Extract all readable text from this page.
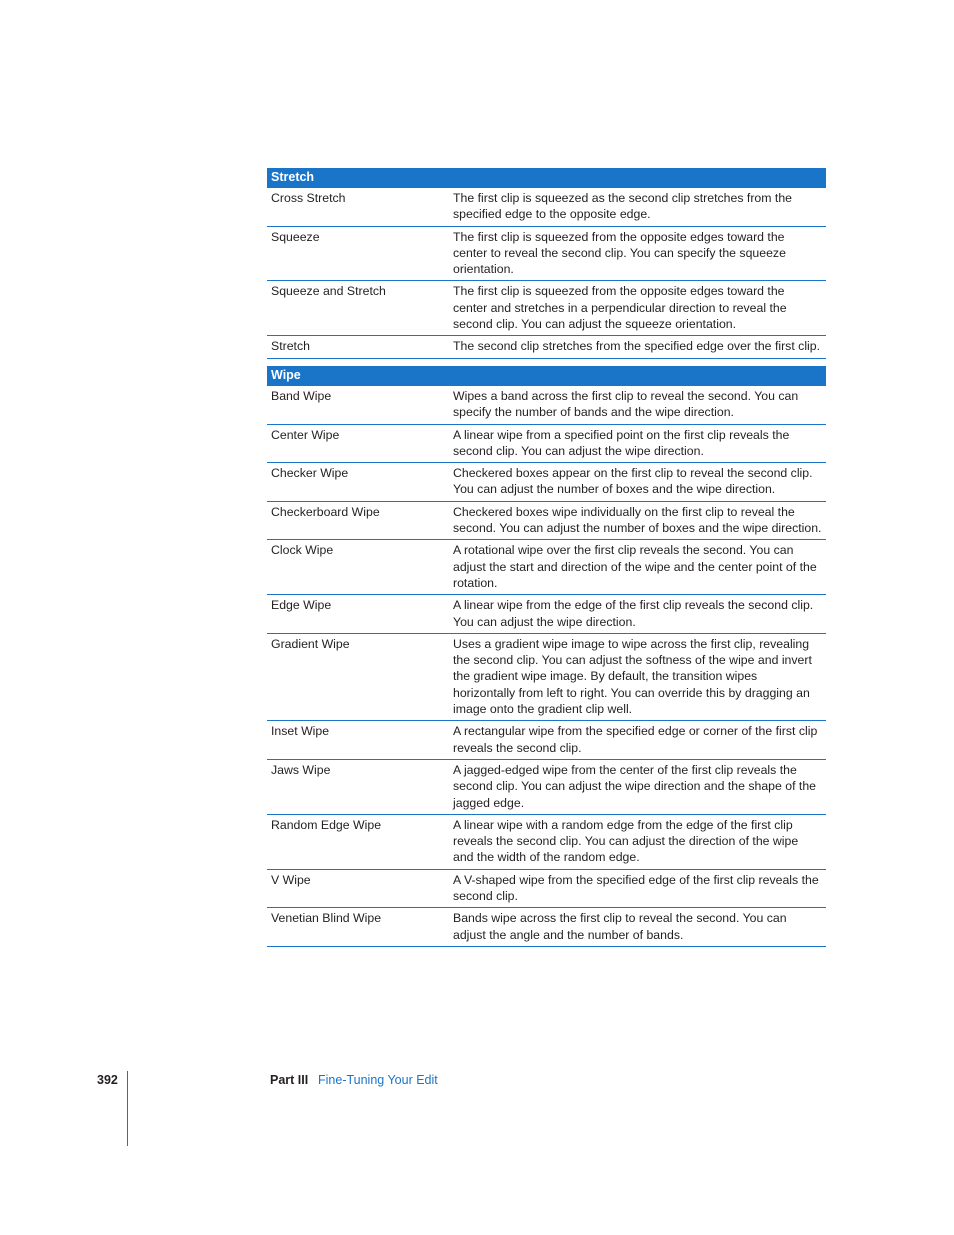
Stretch
Cross Stretch	The first clip is squeezed as the second clip stretches from the specified edge to the opposite edge.
Squeeze	The first clip is squeezed from the opposite edges toward the center to reveal the second clip. You can specify the squeeze orientation.
Squeeze and Stretch	The first clip is squeezed from the opposite edges toward the center and stretches in a perpendicular direction to reveal the second clip. You can adjust the squeeze orientation.
Stretch	The second clip stretches from the specified edge over the first clip.
Wipe
Band Wipe	Wipes a band across the first clip to reveal the second. You can specify the number of bands and the wipe direction.
Center Wipe	A linear wipe from a specified point on the first clip reveals the second clip. You can adjust the wipe direction.
Checker Wipe	Checkered boxes appear on the first clip to reveal the second clip. You can adjust the number of boxes and the wipe direction.
Checkerboard Wipe	Checkered boxes wipe individually on the first clip to reveal the second. You can adjust the number of boxes and the wipe direction.
Clock Wipe	A rotational wipe over the first clip reveals the second. You can adjust the start and direction of the wipe and the center point of the rotation.
Edge Wipe	A linear wipe from the edge of the first clip reveals the second clip. You can adjust the wipe direction.
Gradient Wipe	Uses a gradient wipe image to wipe across the first clip, revealing the second clip. You can adjust the softness of the wipe and invert the gradient wipe image. By default, the transition wipes horizontally from left to right. You can override this by dragging an image onto the gradient clip well.
Inset Wipe	A rectangular wipe from the specified edge or corner of the first clip reveals the second clip.
Jaws Wipe	A jagged-edged wipe from the center of the first clip reveals the second clip. You can adjust the wipe direction and the shape of the jagged edge.
Random Edge Wipe	A linear wipe with a random edge from the edge of the first clip reveals the second clip. You can adjust the direction of the wipe and the width of the random edge.
V Wipe	A V-shaped wipe from the specified edge of the first clip reveals the second clip.
Venetian Blind Wipe	Bands wipe across the first clip to reveal the second. You can adjust the angle and the number of bands.
392	Part III Fine-Tuning Your Edit
